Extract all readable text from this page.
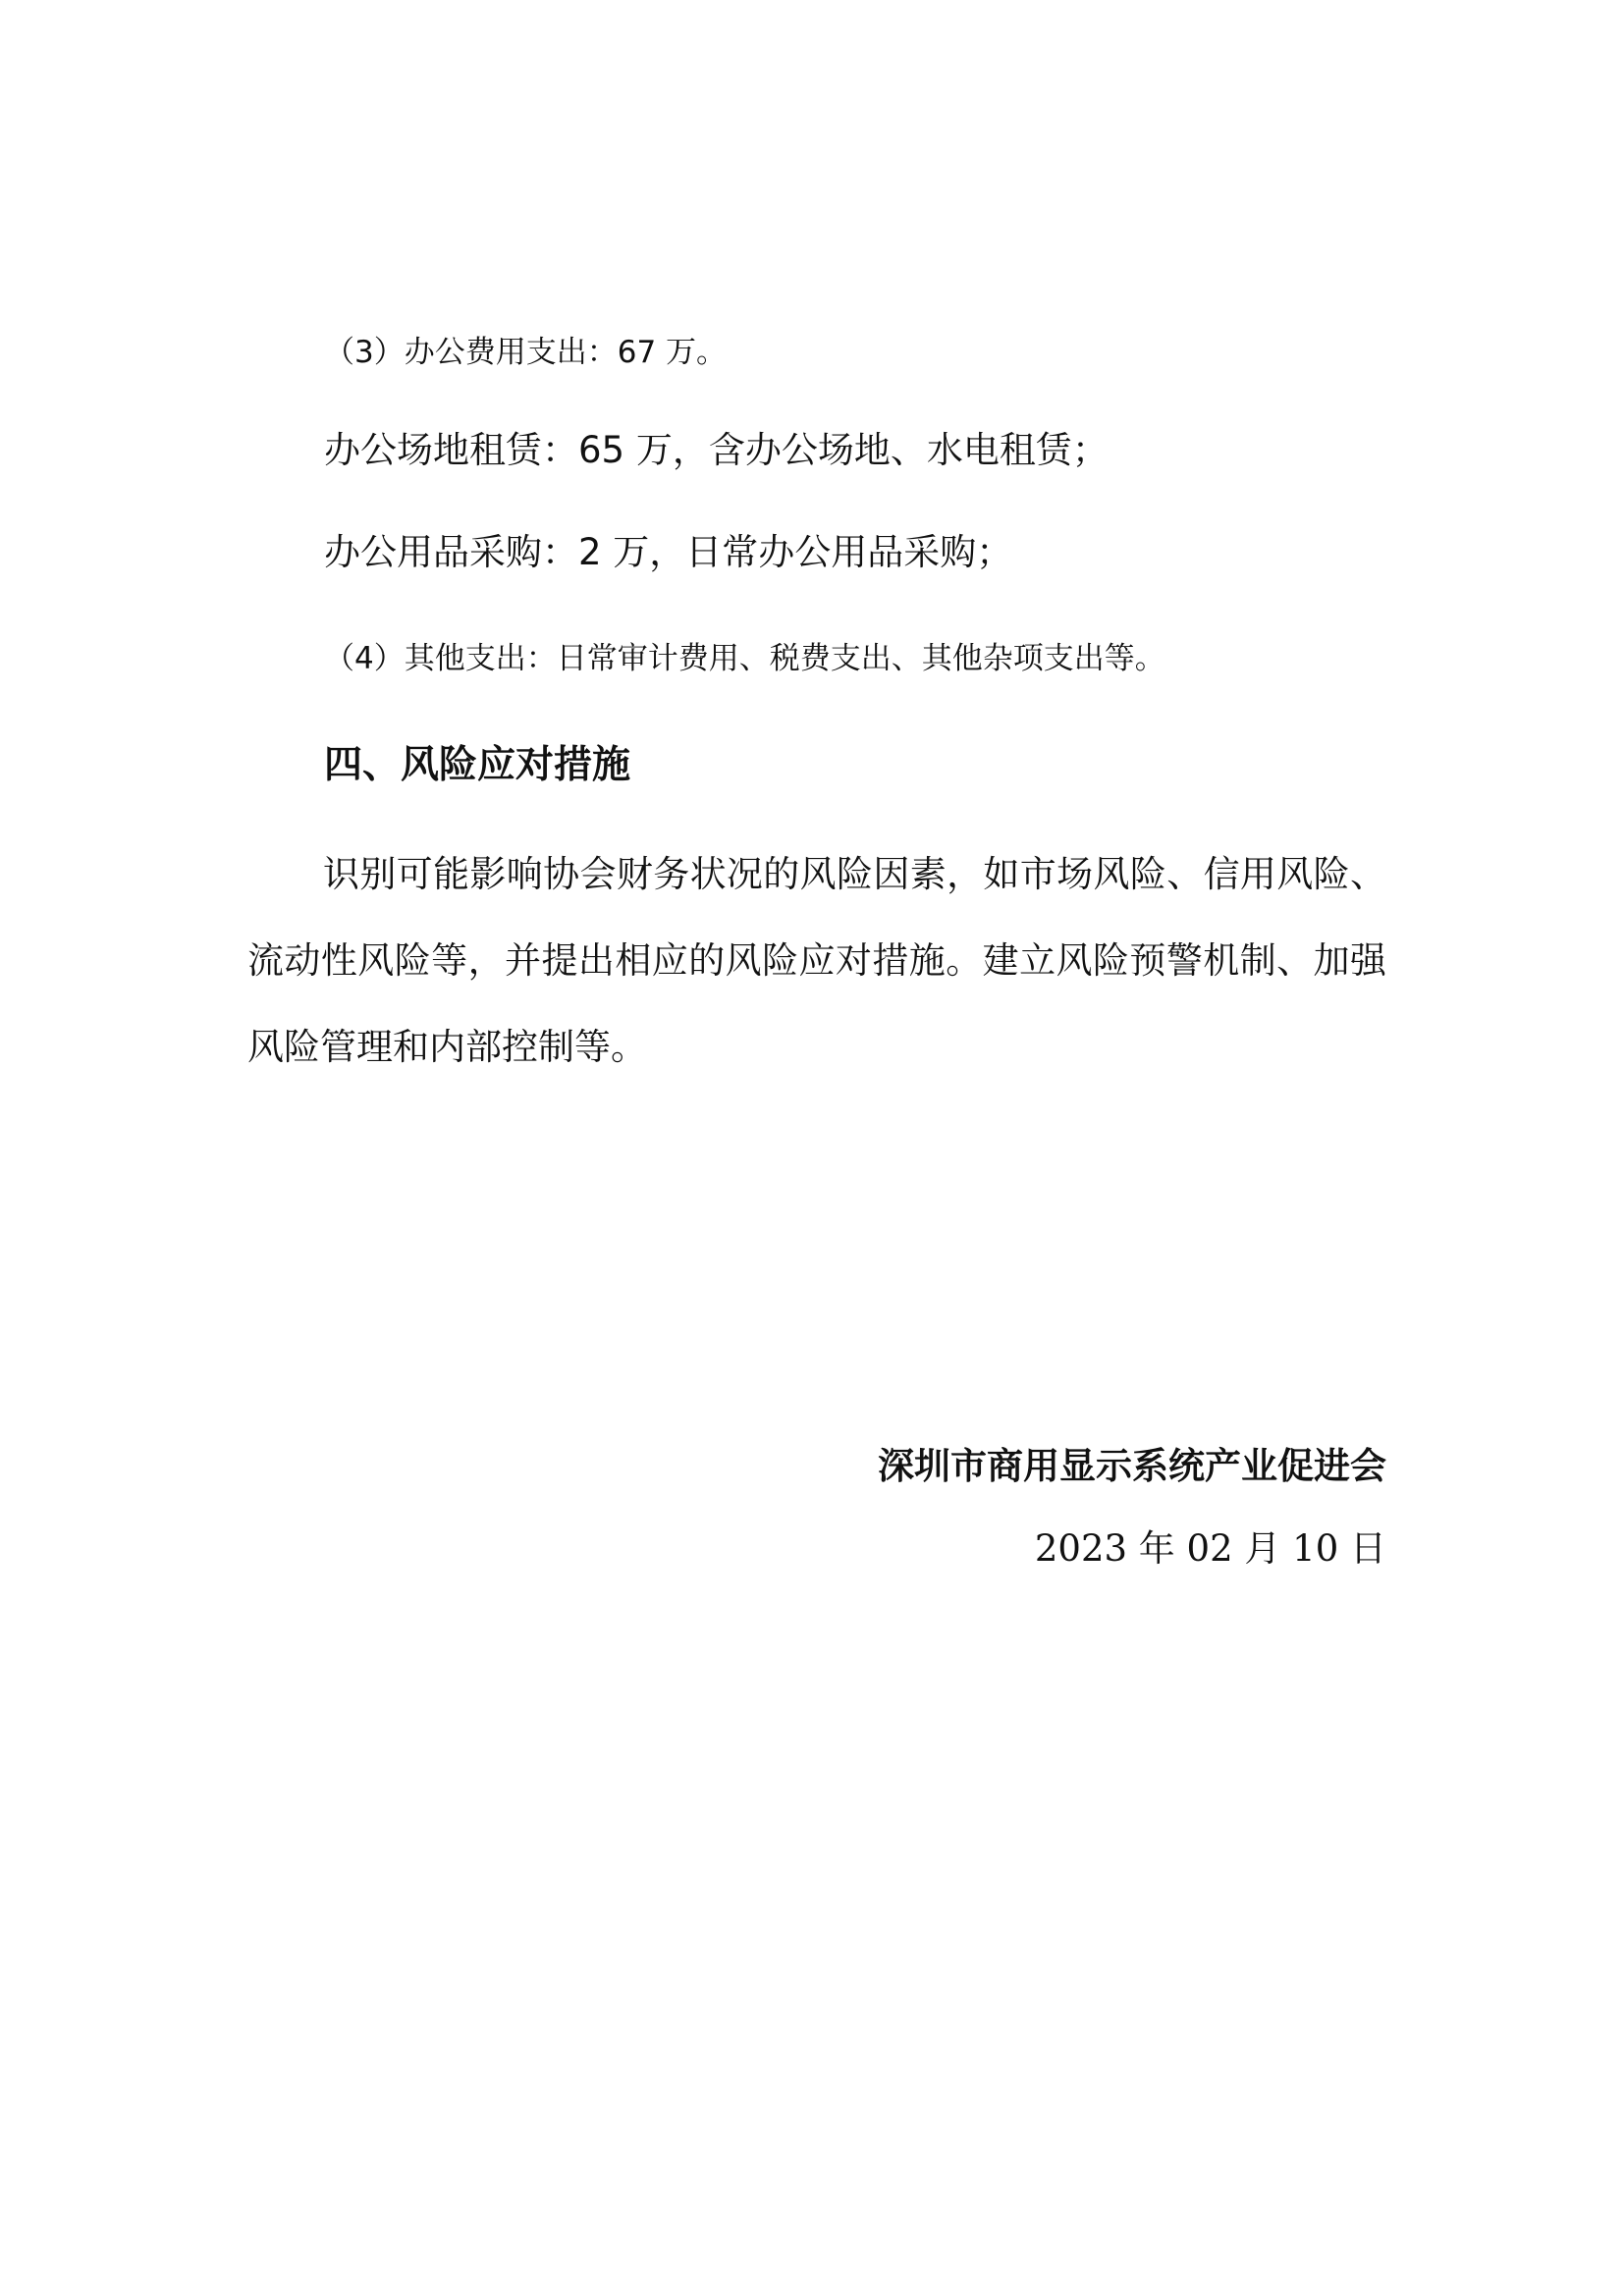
（3）办公费用支出：67 万。

办公场地租赁：65 万，含办公场地、水电租赁；

办公用品采购：2 万，日常办公用品采购；

（4）其他支出：日常审计费用、税费支出、其他杂项支出等。

四、风险应对措施

识别可能影响协会财务状况的风险因素，如市场风险、信用风险、流动性风险等，并提出相应的风险应对措施。建立风险预警机制、加强风险管理和内部控制等。

深圳市商用显示系统产业促进会

2023 年 02 月 10 日
